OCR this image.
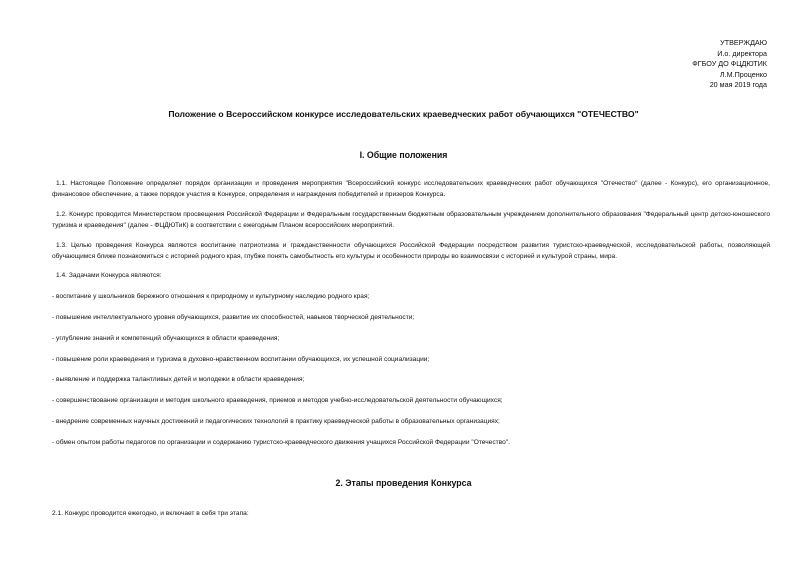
УТВЕРЖДАЮ
И.о. директора
ФГБОУ ДО ФЦДЮТИК
Л.М.Проценко
20 мая 2019 года
Положение о Всероссийском конкурсе исследовательских краеведческих работ обучающихся "ОТЕЧЕСТВО"
I. Общие положения
1.1. Настоящее Положение определяет порядок организации и проведения мероприятия "Всероссийский конкурс исследовательских краеведческих работ обучающихся "Отечество" (далее - Конкурс), его организационное, финансовое обеспечение, а также порядок участия в Конкурсе, определения и награждения победителей и призеров Конкурса.
1.2. Конкурс проводится Министерством просвещения Российской Федерации и Федеральным государственным бюджетным образовательным учреждением дополнительного образования "Федеральный центр детско-юношеского туризма и краеведения" (далее - ФЦДЮТиК) в соответствии с ежегодным Планом всероссийских мероприятий.
1.3. Целью проведения Конкурса являются воспитание патриотизма и гражданственности обучающихся Российской Федерации посредством развития туристско-краеведческой, исследовательской работы, позволяющей обучающимся ближе познакомиться с историей родного края, глубже понять самобытность его культуры и особенности природы во взаимосвязи с историей и культурой страны, мира.
1.4. Задачами Конкурса являются:
- воспитание у школьников бережного отношения к природному и культурному наследию родного края;
- повышение интеллектуального уровня обучающихся, развитие их способностей, навыков творческой деятельности;
- углубление знаний и компетенций обучающихся в области краеведения;
- повышение роли краеведения и туризма в духовно-нравственном воспитании обучающихся, их успешной социализации;
- выявление и поддержка талантливых детей и молодежи в области краеведения;
- совершенствование организации и методик школьного краеведения, приемов и методов учебно-исследовательской деятельности обучающихся;
- внедрение современных научных достижений и педагогических технологий в практику краеведческой работы в образовательных организациях;
- обмен опытом работы педагогов по организации и содержанию туристско-краеведческого движения учащихся Российской Федерации "Отечество".
2. Этапы проведения Конкурса
2.1. Конкурс проводится ежегодно, и включает в себя три этапа:
